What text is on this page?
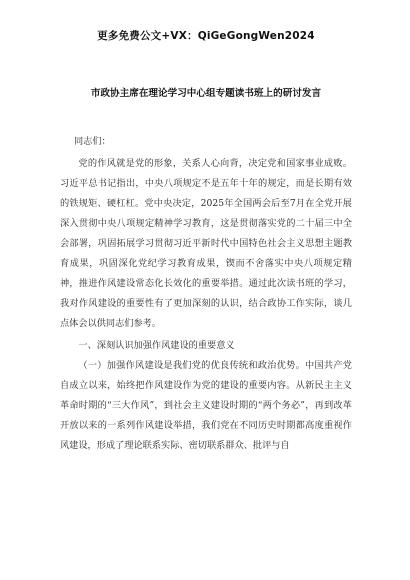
更多免费公文+VX：QiGeGongWen2024
市政协主席在理论学习中心组专题读书班上的研讨发言
同志们：

党的作风就是党的形象，关系人心向背，决定党和国家事业成败。习近平总书记指出，中央八项规定不是五年十年的规定，而是长期有效的铁规矩、硬杠杠。党中央决定，2025年全国两会后至7月在全党开展深入贯彻中央八项规定精神学习教育，这是贯彻落实党的二十届三中全会部署，巩固拓展学习贯彻习近平新时代中国特色社会主义思想主题教育成果，巩固深化党纪学习教育成果，锲而不舍落实中央八项规定精神，推进作风建设常态化长效化的重要举措。通过此次读书班的学习，我对作风建设的重要性有了更加深刻的认识，结合政协工作实际，谈几点体会以供同志们参考。

一、深刻认识加强作风建设的重要意义

（一）加强作风建设是我们党的优良传统和政治优势。中国共产党自成立以来，始终把作风建设作为党的建设的重要内容。从新民主主义革命时期的“三大作风”，到社会主义建设时期的“两个务必”，再到改革开放以来的一系列作风建设举措，我们党在不同历史时期都高度重视作风建设，形成了理论联系实际、密切联系群众、批评与自
